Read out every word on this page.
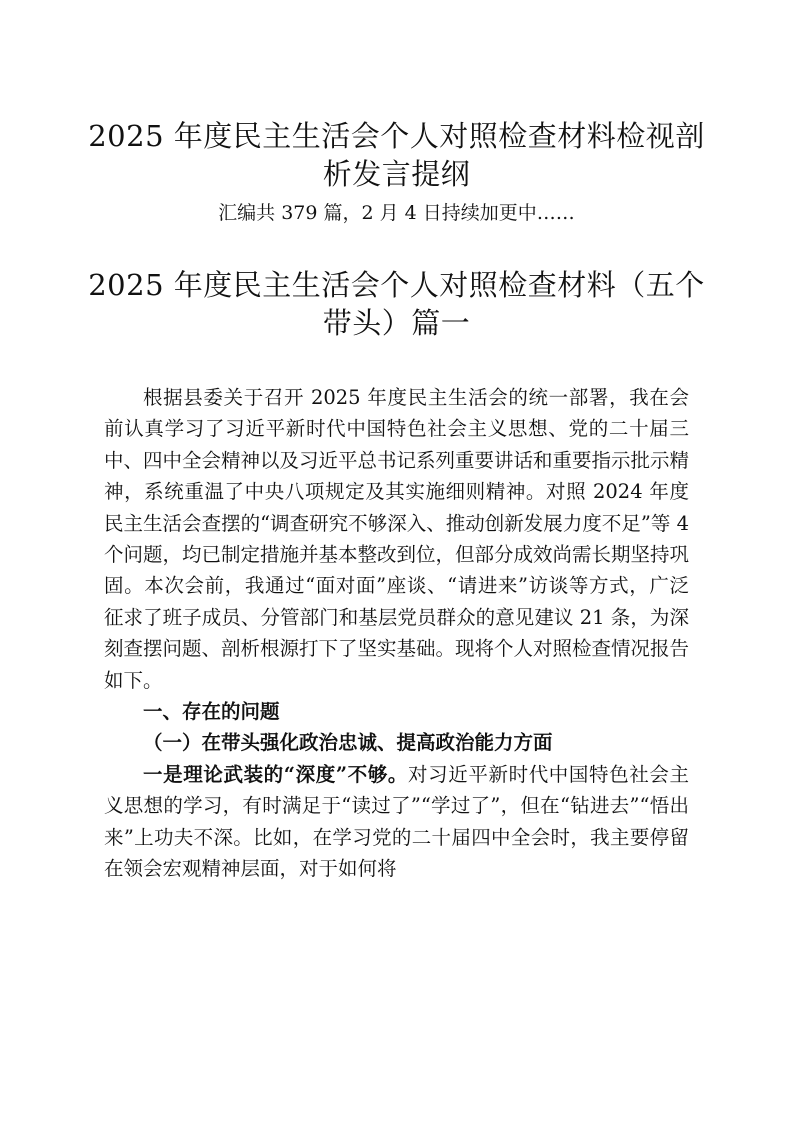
2025 年度民主生活会个人对照检查材料检视剖析发言提纲
汇编共 379 篇，2 月 4 日持续加更中……
2025 年度民主生活会个人对照检查材料（五个带头）篇一

根据县委关于召开 2025 年度民主生活会的统一部署，我在会前认真学习了习近平新时代中国特色社会主义思想、党的二十届三中、四中全会精神以及习近平总书记系列重要讲话和重要指示批示精神，系统重温了中央八项规定及其实施细则精神。对照 2024 年度民主生活会查摆的“调查研究不够深入、推动创新发展力度不足”等 4 个问题，均已制定措施并基本整改到位，但部分成效尚需长期坚持巩固。本次会前，我通过“面对面”座谈、“请进来”访谈等方式，广泛征求了班子成员、分管部门和基层党员群众的意见建议 21 条，为深刻查摆问题、剖析根源打下了坚实基础。现将个人对照检查情况报告如下。

一、存在的问题

（一）在带头强化政治忠诚、提高政治能力方面

一是理论武装的“深度”不够。对习近平新时代中国特色社会主义思想的学习，有时满足于“读过了”“学过了”，但在“钻进去”“悟出来”上功夫不深。比如，在学习党的二十届四中全会时，我主要停留在领会宏观精神层面，对于如何将
